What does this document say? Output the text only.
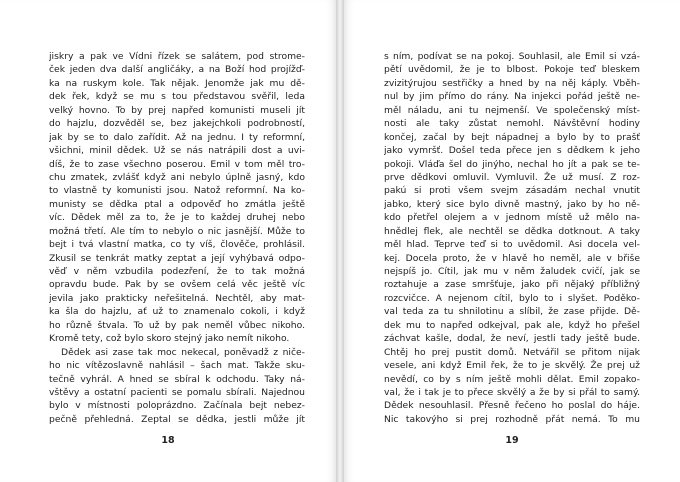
jiskry a pak ve Vídni řízek se salátem, pod strome-
ček jeden dva další angličáky, a na Boží hod projížď-
ka na ruskym kole. Tak nějak. Jenomže jak mu dě-
dek řek, když se mu s tou představou svěřil, leda
velký hovno. To by prej napřed komunisti museli jít
do hajzlu, dozvěděl se, bez jakejchkoli podrobností,
jak by se to dalo zařídit. Až na jednu. I ty reformní,
všichni, minil dědek. Už se nás natrápili dost a uvi-
díš, že to zase všechno poserou. Emil v tom měl tro-
chu zmatek, zvlášť když ani nebylo úplně jasný, kdo
to vlastně ty komunisti jsou. Natož reformní. Na ko-
munisty se dědka ptal a odpověď ho zmátla ještě
víc. Dědek měl za to, že je to každej druhej nebo
možná třetí. Ale tím to nebylo o nic jasnější. Může to
bejt i tvá vlastní matka, co ty víš, člověče, prohlásil.
Zkusil se tenkrát matky zeptat a její vyhýbavá odpo-
věď v něm vzbudila podezření, že to tak možná
opravdu bude. Pak by se ovšem celá věc ještě víc
jevila jako prakticky neřešitelná. Nechtěl, aby mat-
ka šla do hajzlu, ať už to znamenalo cokoli, i když
ho různě štvala. To už by pak neměl vůbec nikoho.
Kromě tety, což bylo skoro stejný jako nemít nikoho.
Dědek asi zase tak moc nekecal, poněvadž z niče-
ho nic vítězoslavně nahlásil – šach mat. Takže sku-
tečně vyhrál. A hned se sbíral k odchodu. Taky ná-
vštěvy a ostatní pacienti se pomalu sbírali. Najednou
bylo v místnosti poloprázdno. Začínala bejt nebez-
pečně přehledná. Zeptal se dědka, jestli může jít
18
s ním, podívat se na pokoj. Souhlasil, ale Emil si vzá-
pětí uvědomil, že je to blbost. Pokoje teď bleskem
zvizitýrujou sestřičky a hned by na něj káply. Vběh-
nul by jim přímo do rány. Na injekci pořád ještě ne-
měl náladu, ani tu nejmenší. Ve společenský míst-
nosti ale taky zůstat nemohl. Návštěvní hodiny
končej, začal by bejt nápadnej a bylo by to prašť
jako vymršť. Došel teda přece jen s dědkem k jeho
pokoji. Vláďa šel do jinýho, nechal ho jít a pak se te-
prve dědkovi omluvil. Vymluvil. Že už musí. Z roz-
pakú si proti všem svejm zásadám nechal vnutit
jabko, který sice bylo divně mastný, jako by ho ně-
kdo přetřel olejem a v jednom místě už mělo na-
hnědlej flek, ale nechtěl se dědka dotknout. A taky
měl hlad. Teprve teď si to uvědomil. Asi docela vel-
kej. Docela proto, že v hlavě ho neměl, ale v břiše
nejspíš jo. Cítil, jak mu v něm žaludek cvičí, jak se
roztahuje a zase smršťuje, jako při nějaký příbližný
rozcvičce. A nejenom cítil, bylo to i slyšet. Poděko-
val teda za tu shnilotinu a slíbil, že zase přijde. Dě-
dek mu to napřed odkejval, pak ale, když ho přešel
záchvat kašle, dodal, že neví, jestli tady ještě bude.
Chtěj ho prej pustit domů. Netvářil se přitom nijak
vesele, ani když Emil řek, že to je skvělý. Že prej už
nevědí, co by s ním ještě mohli dělat. Emil zopako-
val, že i tak je to přece skvělý a že by si přál to samý.
Dědek nesouhlasil. Přesně řečeno ho poslal do háje.
Nic takovýho si prej rozhodně přát nemá. To mu
19
